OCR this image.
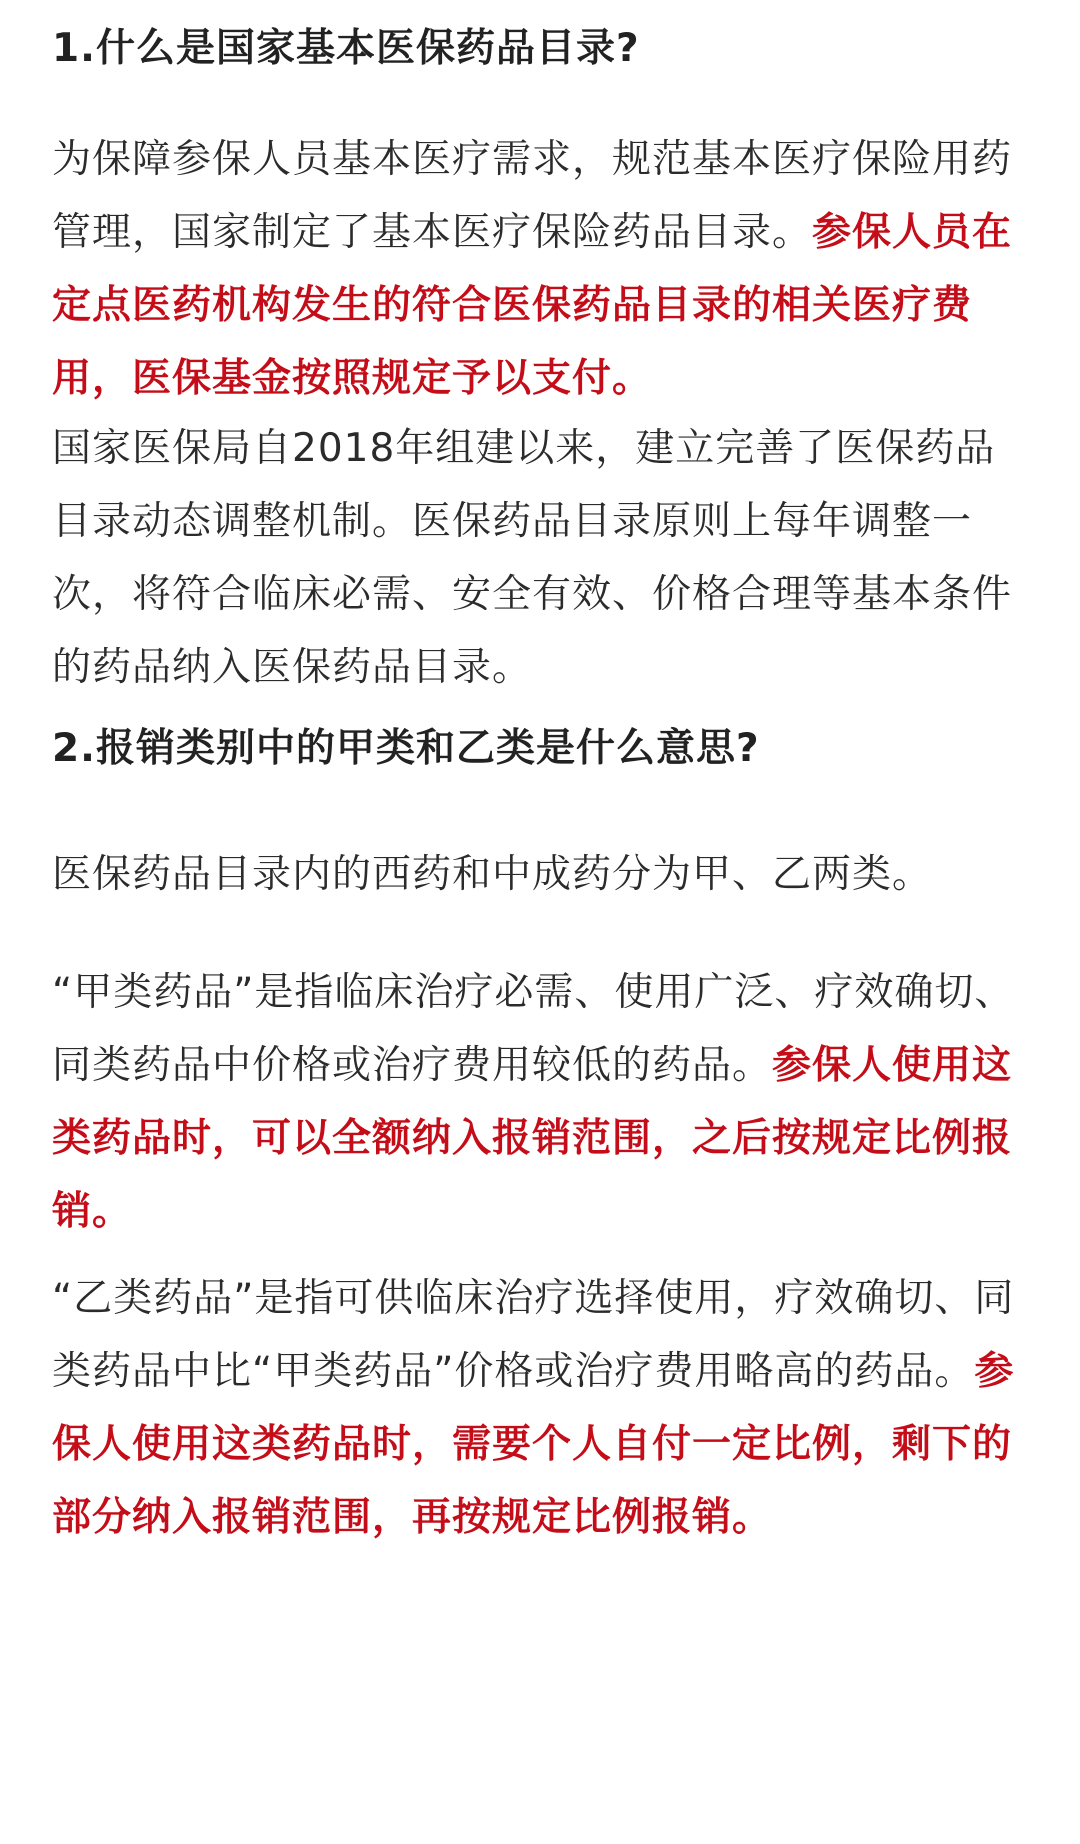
1.什么是国家基本医保药品目录?

为保障参保人员基本医疗需求，规范基本医疗保险用药管理，国家制定了基本医疗保险药品目录。参保人员在定点医药机构发生的符合医保药品目录的相关医疗费用，医保基金按照规定予以支付。

国家医保局自2018年组建以来，建立完善了医保药品目录动态调整机制。医保药品目录原则上每年调整一次，将符合临床必需、安全有效、价格合理等基本条件的药品纳入医保药品目录。

2.报销类别中的甲类和乙类是什么意思?

医保药品目录内的西药和中成药分为甲、乙两类。

“甲类药品”是指临床治疗必需、使用广泛、疗效确切、同类药品中价格或治疗费用较低的药品。参保人使用这类药品时，可以全额纳入报销范围，之后按规定比例报销。

“乙类药品”是指可供临床治疗选择使用，疗效确切、同类药品中比“甲类药品”价格或治疗费用略高的药品。参保人使用这类药品时，需要个人自付一定比例，剩下的部分纳入报销范围，再按规定比例报销。
